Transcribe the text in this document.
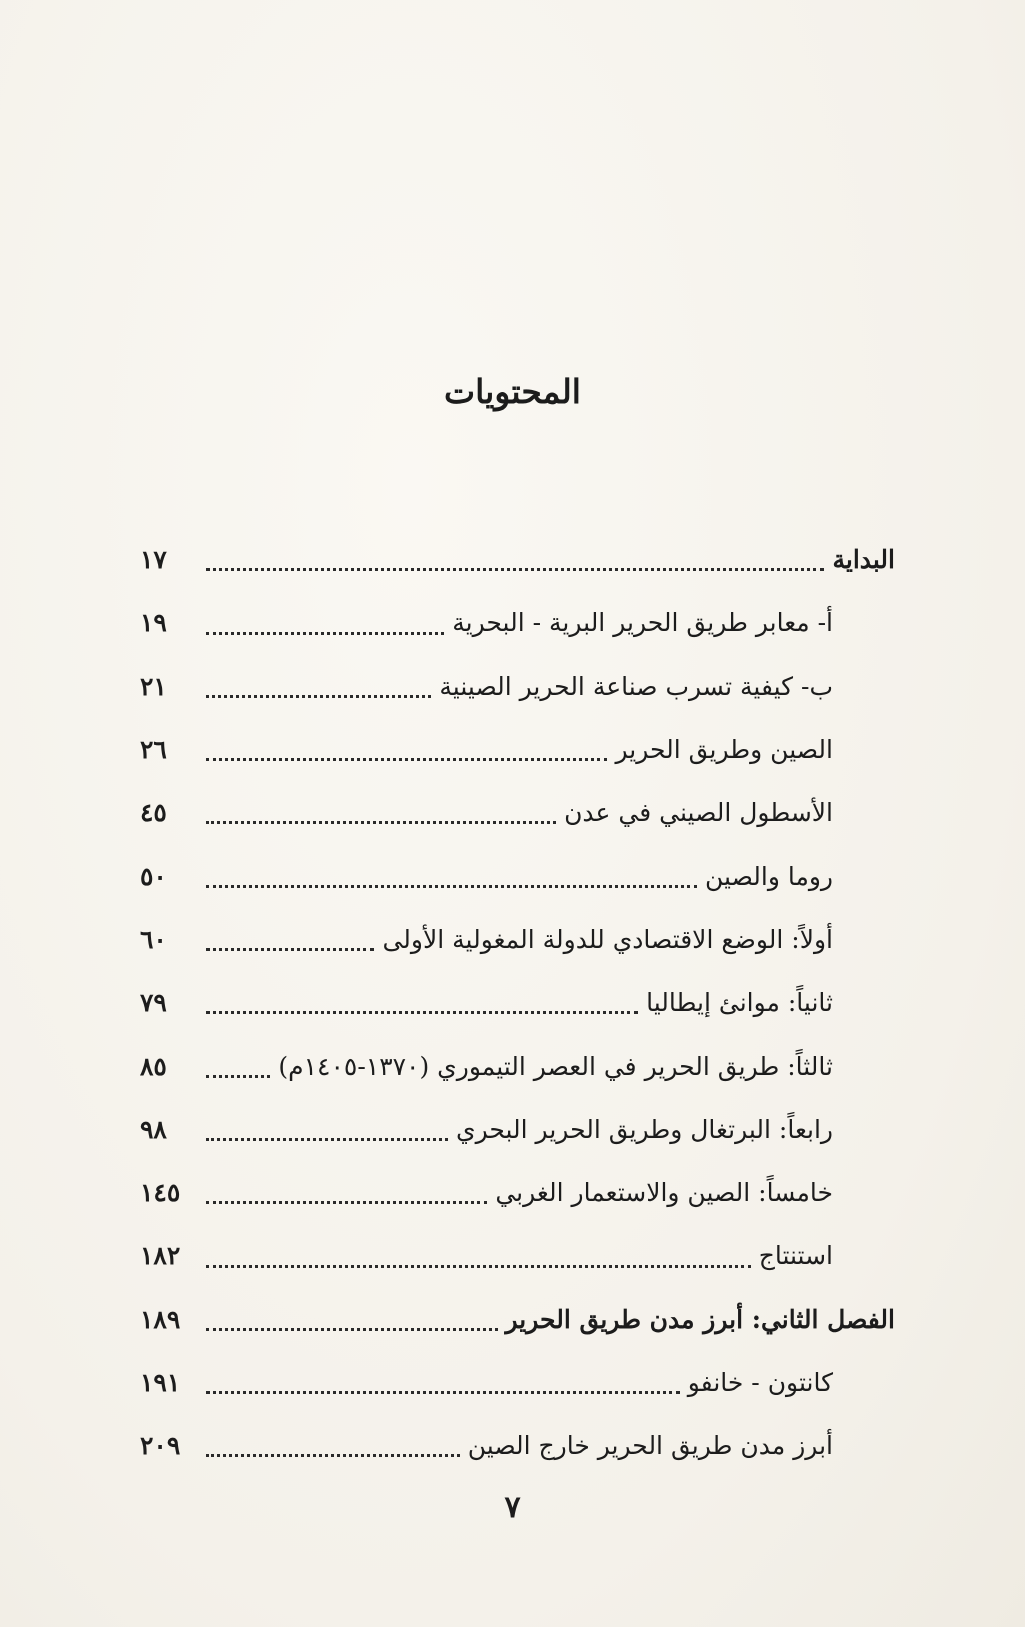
المحتويات
البداية
١٧
أ- معابر طريق الحرير البرية - البحرية
١٩
ب- كيفية تسرب صناعة الحرير الصينية
٢١
الصين وطريق الحرير
٢٦
الأسطول الصيني في عدن
٤٥
روما والصين
٥٠
أولاً: الوضع الاقتصادي للدولة المغولية الأولى
٦٠
ثانياً: موانئ إيطاليا
٧٩
ثالثاً: طريق الحرير في العصر التيموري (١٣٧٠-١٤٠٥م)
٨٥
رابعاً: البرتغال وطريق الحرير البحري
٩٨
خامساً: الصين والاستعمار الغربي
١٤٥
استنتاج
١٨٢
الفصل الثاني: أبرز مدن طريق الحرير
١٨٩
كانتون - خانفو
١٩١
أبرز مدن طريق الحرير خارج الصين
٢٠٩
٧
